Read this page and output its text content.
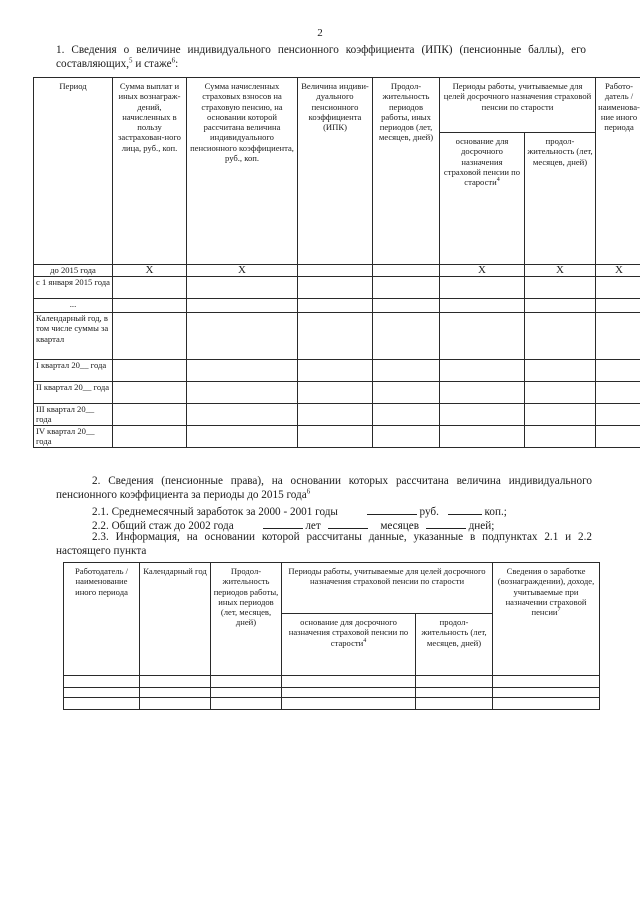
2
1. Сведения о величине индивидуального пенсионного коэффициента (ИПК) (пенсионные баллы), его составляющих,$^5$ и стаже$^6$:
Период	Сумма выплат и иных вознаграж-дений, начисленных в пользу застрахован-ного лица, руб., коп.	Сумма начисленных страховых взносов на страховую пенсию, на основании которой рассчитана величина индивидуального пенсионного коэффициента, руб., коп.	Величина индиви-дуального пенсионного коэффициента (ИПК)	Продол-жительность периодов работы, иных периодов (лет, месяцев, дней)	Периоды работы, учитываемые для целей досрочного назначения страховой пенсии по старости		Работо-датель / наименова-ние иного периода
					основание для досрочного назначения страховой пенсии по старости$^4$	продол-жительность (лет, месяцев, дней)	
до 2015 года	X	X			X	X	X
с 1 января 2015 года							
...							
Календарный год, в том числе суммы за квартал							
I квартал 20__ года							
II квартал 20__ года							
III квартал 20__ года							
IV квартал 20__ года							
2. Сведения (пенсионные права), на основании которых рассчитана величина индивидуального пенсионного коэффициента за периоды до 2015 года$^6$
2.1. Среднемесячный заработок за 2000 - 2001 годы	руб.	коп.;
2.2. Общий стаж до 2002 года	лет	месяцев	дней;
2.3. Информация, на основании которой рассчитаны данные, указанные в подпунктах 2.1 и 2.2 настоящего пункта
Работодатель / наименование иного периода	Календарный год	Продол-жительность периодов работы, иных периодов (лет, месяцев, дней)	Периоды работы, учитываемые для целей досрочного назначения страховой пенсии по старости		Сведения о заработке (вознаграждении), доходе, учитываемые при назначении страховой пенсии$^7$
			основание для досрочного назначения страховой пенсии по старости$^4$	продол-жительность (лет, месяцев, дней)	
